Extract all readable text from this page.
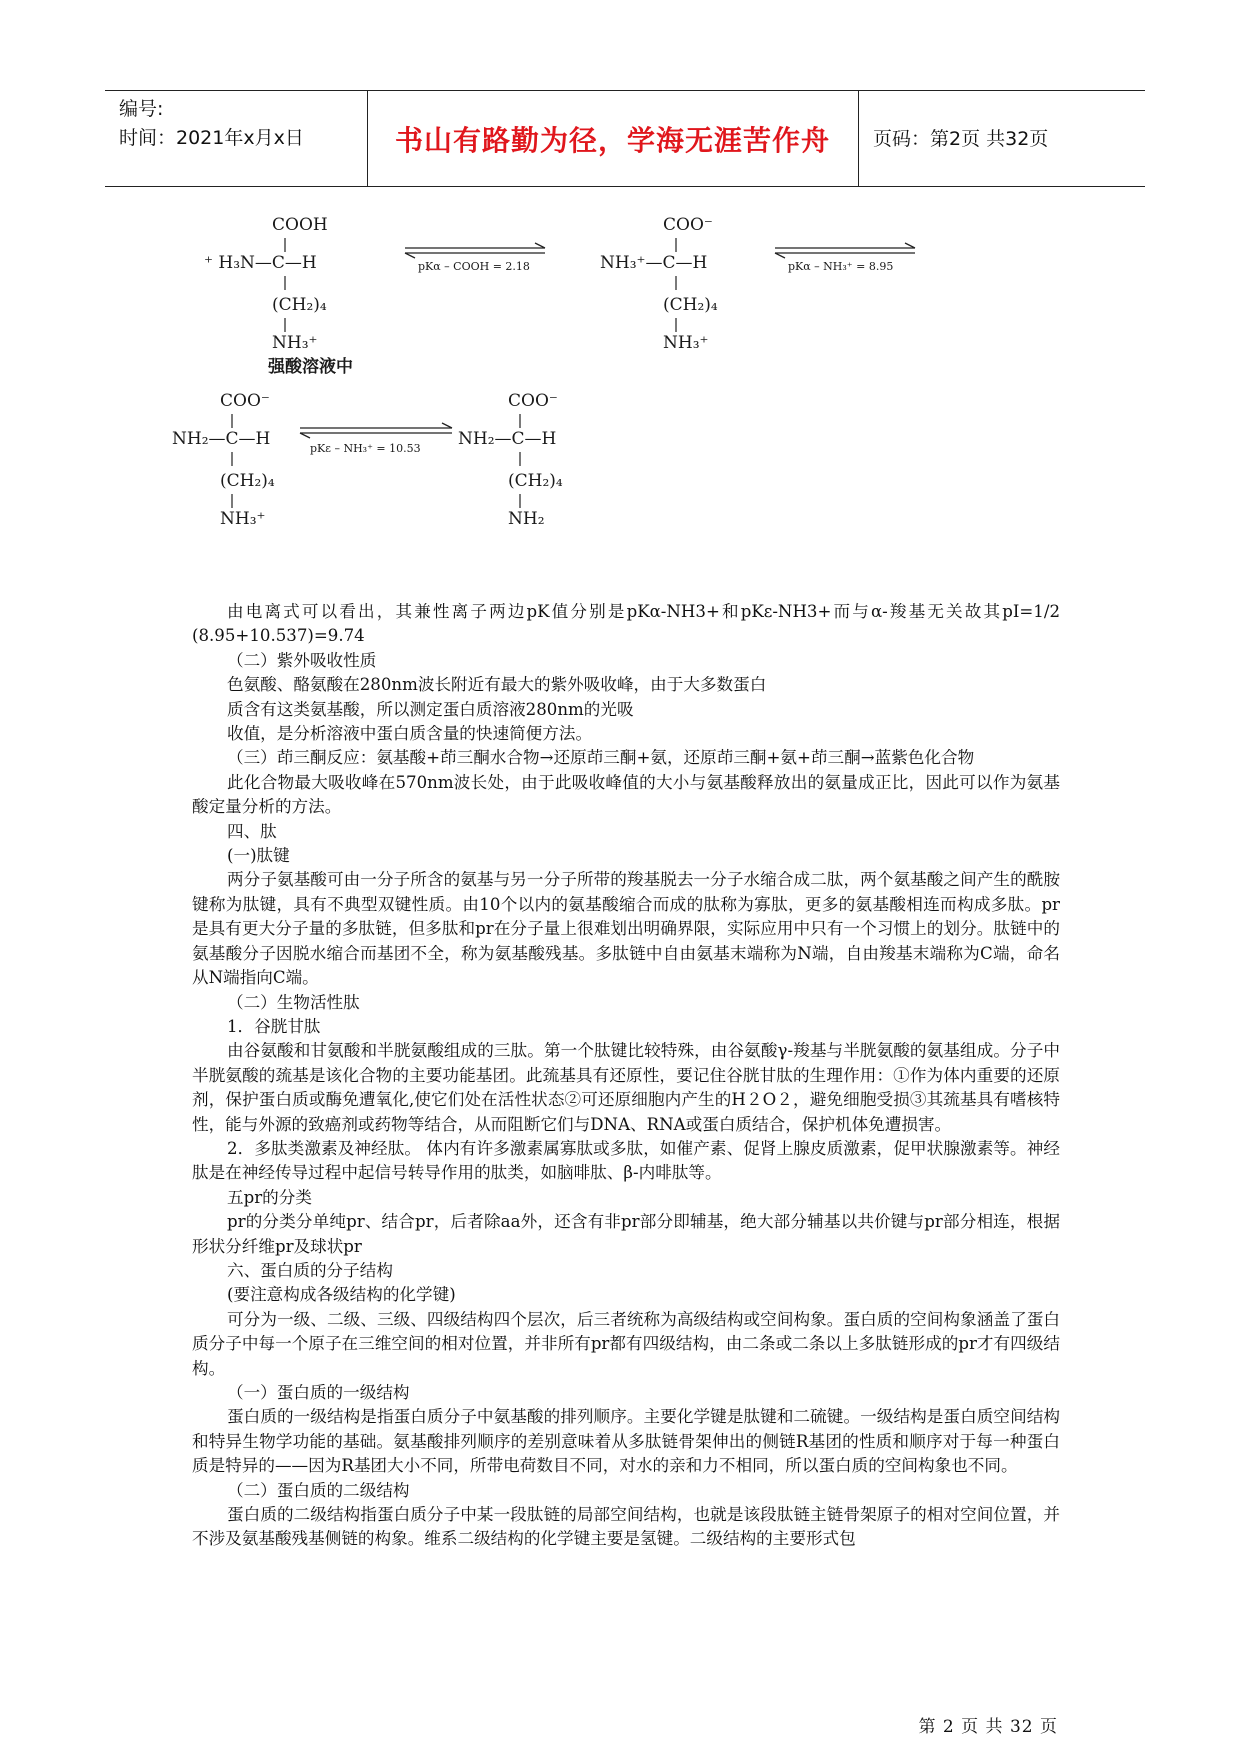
编号:
时间：2021年x月x日	书山有路勤为径，学海无涯苦作舟	页码：第2页 共32页
COOH
⁺ H₃N—C—H
(CH₂)₄
NH₃⁺
pKα – COOH = 2.18
COO⁻
NH₃⁺—C—H
(CH₂)₄
NH₃⁺
pKα – NH₃⁺ = 8.95
强酸溶液中
COO⁻
NH₂—C—H
(CH₂)₄
NH₃⁺
pKε – NH₃⁺ = 10.53
COO⁻
NH₂—C—H
(CH₂)₄
NH₂

由电离式可以看出，其兼性离子两边pK值分别是pKα-NH3+和pKε-NH3+而与α-羧基无关故其pI=1/2 (8.95+10.537)=9.74

（二）紫外吸收性质

色氨酸、酪氨酸在280nm波长附近有最大的紫外吸收峰，由于大多数蛋白

质含有这类氨基酸，所以测定蛋白质溶液280nm的光吸

收值，是分析溶液中蛋白质含量的快速简便方法。

（三）茚三酮反应：氨基酸+茚三酮水合物→还原茚三酮+氨，还原茚三酮+氨+茚三酮→蓝紫色化合物

此化合物最大吸收峰在570nm波长处，由于此吸收峰值的大小与氨基酸释放出的氨量成正比，因此可以作为氨基酸定量分析的方法。

四、肽

(一)肽键

两分子氨基酸可由一分子所含的氨基与另一分子所带的羧基脱去一分子水缩合成二肽，两个氨基酸之间产生的酰胺键称为肽键，具有不典型双键性质。由10个以内的氨基酸缩合而成的肽称为寡肽，更多的氨基酸相连而构成多肽。pr是具有更大分子量的多肽链，但多肽和pr在分子量上很难划出明确界限，实际应用中只有一个习惯上的划分。肽链中的氨基酸分子因脱水缩合而基团不全，称为氨基酸残基。多肽链中自由氨基末端称为N端，自由羧基末端称为C端，命名从N端指向C端。

（二）生物活性肽

1．谷胱甘肽

由谷氨酸和甘氨酸和半胱氨酸组成的三肽。第一个肽键比较特殊，由谷氨酸γ-羧基与半胱氨酸的氨基组成。分子中半胱氨酸的巯基是该化合物的主要功能基团。此巯基具有还原性，要记住谷胱甘肽的生理作用：①作为体内重要的还原剂，保护蛋白质或酶免遭氧化,使它们处在活性状态②可还原细胞内产生的H２O２，避免细胞受损③其巯基具有嗜核特性，能与外源的致癌剂或药物等结合，从而阻断它们与DNA、RNA或蛋白质结合，保护机体免遭损害。

2．多肽类激素及神经肽。 体内有许多激素属寡肽或多肽，如催产素、促肾上腺皮质激素，促甲状腺激素等。神经肽是在神经传导过程中起信号转导作用的肽类，如脑啡肽、β-内啡肽等。

五pr的分类

pr的分类分单纯pr、结合pr，后者除aa外，还含有非pr部分即辅基，绝大部分辅基以共价键与pr部分相连，根据形状分纤维pr及球状pr

六、蛋白质的分子结构

(要注意构成各级结构的化学键)

可分为一级、二级、三级、四级结构四个层次，后三者统称为高级结构或空间构象。蛋白质的空间构象涵盖了蛋白质分子中每一个原子在三维空间的相对位置，并非所有pr都有四级结构，由二条或二条以上多肽链形成的pr才有四级结构。

（一）蛋白质的一级结构

蛋白质的一级结构是指蛋白质分子中氨基酸的排列顺序。主要化学键是肽键和二硫键。一级结构是蛋白质空间结构和特异生物学功能的基础。氨基酸排列顺序的差别意味着从多肽链骨架伸出的侧链R基团的性质和顺序对于每一种蛋白质是特异的——因为R基团大小不同，所带电荷数目不同，对水的亲和力不相同，所以蛋白质的空间构象也不同。

（二）蛋白质的二级结构

蛋白质的二级结构指蛋白质分子中某一段肽链的局部空间结构，也就是该段肽链主链骨架原子的相对空间位置，并不涉及氨基酸残基侧链的构象。维系二级结构的化学键主要是氢键。二级结构的主要形式包

第 2 页 共 32 页
